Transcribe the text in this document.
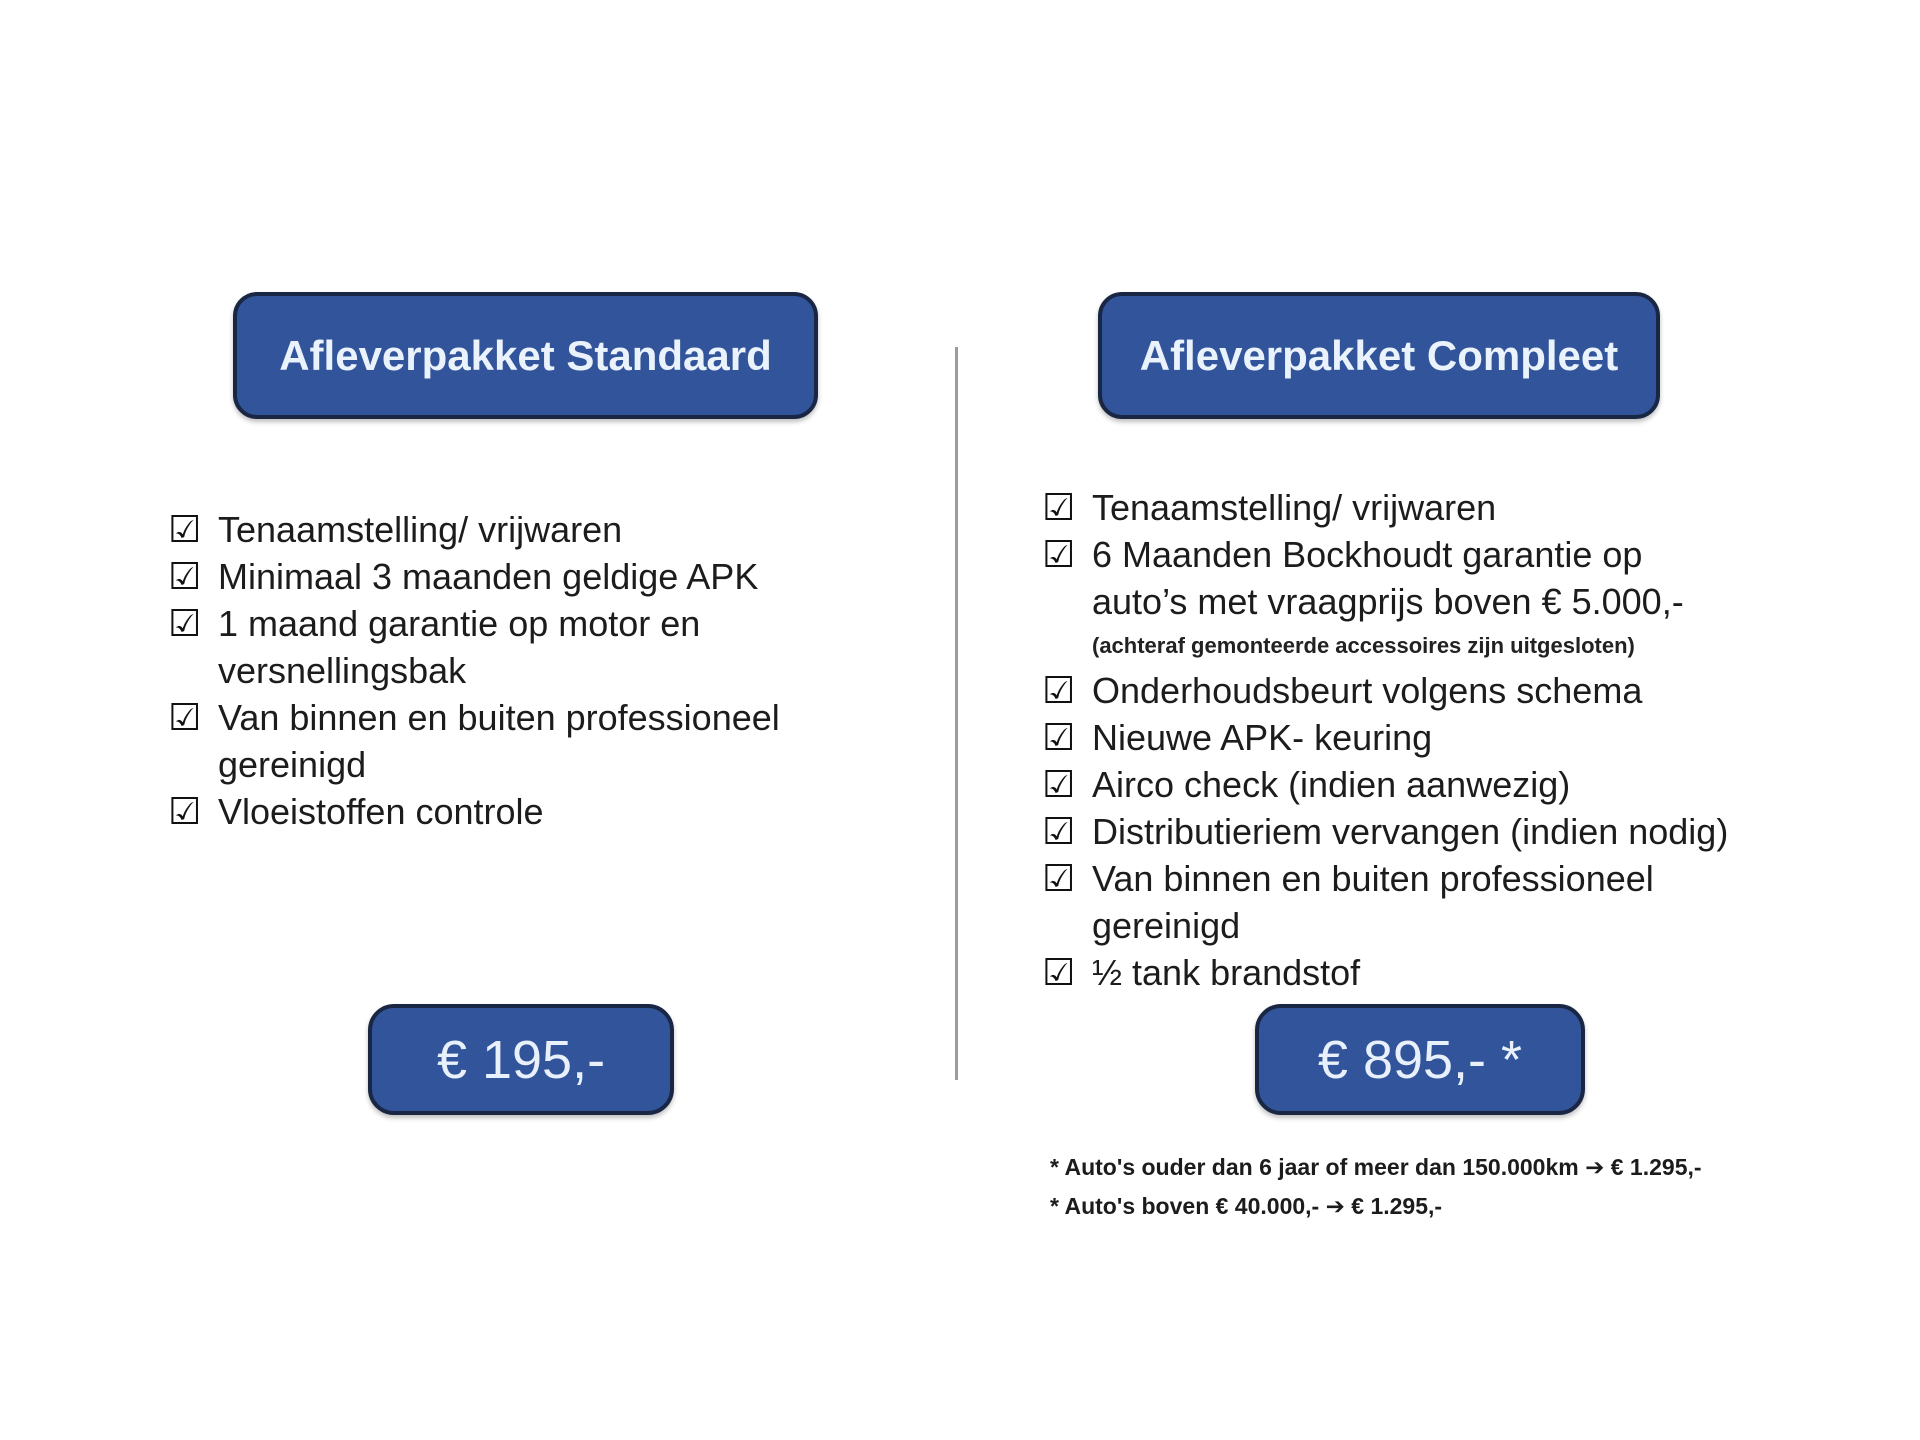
Afleverpakket Standaard	Afleverpakket Compleet
☑ Tenaamstelling/ vrijwaren
☑ Minimaal 3 maanden geldige APK
☑ 1 maand garantie op motor en
versnellingsbak
☑ Van binnen en buiten professioneel
gereinigd
☑ Vloeistoffen controle
☑ Tenaamstelling/ vrijwaren
☑ 6 Maanden Bockhoudt garantie op
auto’s met vraagprijs boven € 5.000,-
(achteraf gemonteerde accessoires zijn uitgesloten)
☑ Onderhoudsbeurt volgens schema
☑ Nieuwe APK- keuring
☑ Airco check (indien aanwezig)
☑ Distributieriem vervangen (indien nodig)
☑ Van binnen en buiten professioneel
gereinigd
☑ ½ tank brandstof
€ 195,-	€ 895,- *
* Auto's ouder dan 6 jaar of meer dan 150.000km ➔ € 1.295,-
* Auto's boven € 40.000,- ➔ € 1.295,-
